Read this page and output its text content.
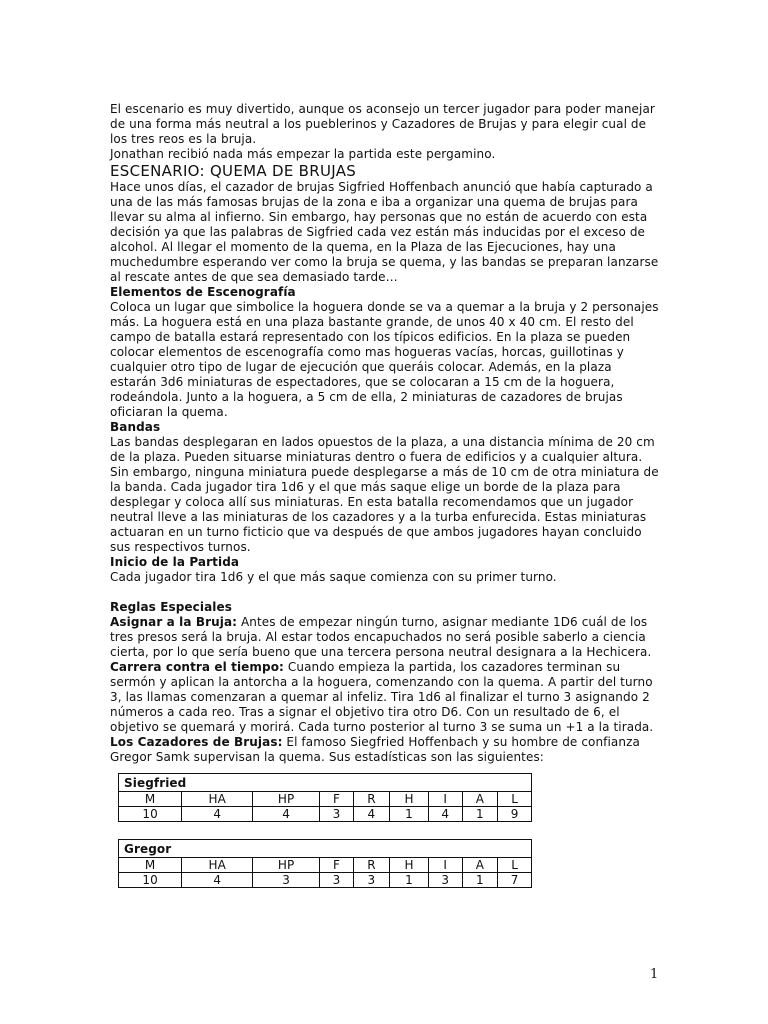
El escenario es muy divertido, aunque os aconsejo un tercer jugador para poder manejar de una forma más neutral a los pueblerinos y Cazadores de Brujas y para elegir cual de los tres reos es la bruja.

Jonathan recibió nada más empezar la partida este pergamino.

ESCENARIO: QUEMA DE BRUJAS

Hace unos días, el cazador de brujas Sigfried Hoffenbach anunció que había capturado a una de las más famosas brujas de la zona e iba a organizar una quema de brujas para llevar su alma al infierno. Sin embargo, hay personas que no están de acuerdo con esta decisión ya que las palabras de Sigfried cada vez están más inducidas por el exceso de alcohol. Al llegar el momento de la quema, en la Plaza de las Ejecuciones, hay una muchedumbre esperando ver como la bruja se quema, y las bandas se preparan lanzarse al rescate antes de que sea demasiado tarde…

Elementos de Escenografía

Coloca un lugar que simbolice la hoguera donde se va a quemar a la bruja y 2 personajes más. La hoguera está en una plaza bastante grande, de unos 40 x 40 cm. El resto del campo de batalla estará representado con los típicos edificios. En la plaza se pueden colocar elementos de escenografía como mas hogueras vacías, horcas, guillotinas y cualquier otro tipo de lugar de ejecución que queráis colocar. Además, en la plaza estarán 3d6 miniaturas de espectadores, que se colocaran a 15 cm de la hoguera, rodeándola. Junto a la hoguera, a 5 cm de ella, 2 miniaturas de cazadores de brujas oficiaran la quema.

Bandas

Las bandas desplegaran en lados opuestos de la plaza, a una distancia mínima de 20 cm de la plaza. Pueden situarse miniaturas dentro o fuera de edificios y a cualquier altura. Sin embargo, ninguna miniatura puede desplegarse a más de 10 cm de otra miniatura de la banda. Cada jugador tira 1d6 y el que más saque elige un borde de la plaza para desplegar y coloca allí sus miniaturas. En esta batalla recomendamos que un jugador neutral lleve a las miniaturas de los cazadores y a la turba enfurecida. Estas miniaturas actuaran en un turno ficticio que va después de que ambos jugadores hayan concluido sus respectivos turnos.

Inicio de la Partida

Cada jugador tira 1d6 y el que más saque comienza con su primer turno.

Reglas Especiales

Asignar a la Bruja: Antes de empezar ningún turno, asignar mediante 1D6 cuál de los tres presos será la bruja. Al estar todos encapuchados no será posible saberlo a ciencia cierta, por lo que sería bueno que una tercera persona neutral designara a la Hechicera.

Carrera contra el tiempo: Cuando empieza la partida, los cazadores terminan su sermón y aplican la antorcha a la hoguera, comenzando con la quema. A partir del turno 3, las llamas comenzaran a quemar al infeliz. Tira 1d6 al finalizar el turno 3 asignando 2 números a cada reo. Tras a signar el objetivo tira otro D6. Con un resultado de 6, el objetivo se quemará y morirá. Cada turno posterior al turno 3 se suma un +1 a la tirada.

Los Cazadores de Brujas: El famoso Siegfried Hoffenbach y su hombre de confianza Gregor Samk supervisan la quema. Sus estadísticas son las siguientes:

Siegfried								
M	HA	HP	F	R	H	I	A	L
10	4	4	3	4	1	4	1	9
Gregor								
M	HA	HP	F	R	H	I	A	L
10	4	3	3	3	1	3	1	7
1
